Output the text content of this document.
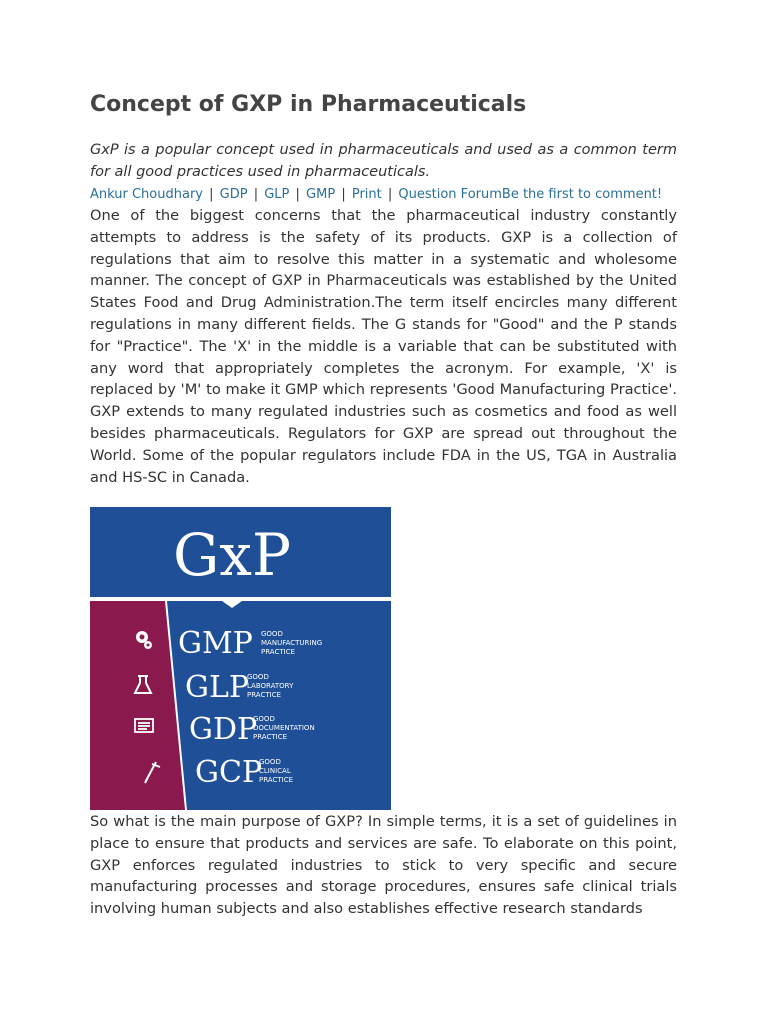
Concept of GXP in Pharmaceuticals

GxP is a popular concept used in pharmaceuticals and used as a common term for all good practices used in pharmaceuticals.

Ankur Choudhary | GDP | GLP | GMP | Print | Question ForumBe the first to comment!

One of the biggest concerns that the pharmaceutical industry constantly attempts to address is the safety of its products. GXP is a collection of regulations that aim to resolve this matter in a systematic and wholesome manner. The concept of GXP in Pharmaceuticals was established by the United States Food and Drug Administration.The term itself encircles many different regulations in many different fields. The G stands for "Good" and the P stands for "Practice". The 'X' in the middle is a variable that can be substituted with any word that appropriately completes the acronym. For example, 'X' is replaced by 'M' to make it GMP which represents 'Good Manufacturing Practice'. GXP extends to many regulated industries such as cosmetics and food as well besides pharmaceuticals. Regulators for GXP are spread out throughout the World. Some of the popular regulators include FDA in the US, TGA in Australia and HS-SC in Canada.

GxP
GMP GOOD
MANUFACTURING
PRACTICE
GLP
GOOD
LABORATORY
PRACTICE
GDP
GOOD
DOCUMENTATION
PRACTICE
GCP
GOOD
CLINICAL
PRACTICE

So what is the main purpose of GXP? In simple terms, it is a set of guidelines in place to ensure that products and services are safe. To elaborate on this point, GXP enforces regulated industries to stick to very specific and secure manufacturing processes and storage procedures, ensures safe clinical trials involving human subjects and also establishes effective research standards
